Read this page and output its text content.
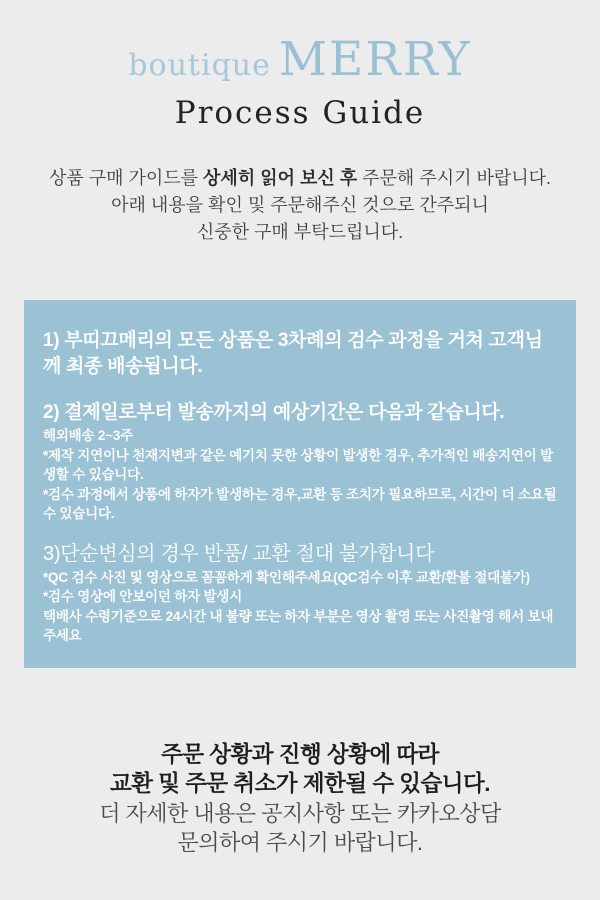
boutique MERRY
Process Guide

상품 구매 가이드를 상세히 읽어 보신 후 주문해 주시기 바랍니다.
아래 내용을 확인 및 주문해주신 것으로 간주되니
신중한 구매 부탁드립니다.

1) 부띠끄메리의 모든 상품은 3차례의 검수 과정을 거쳐 고객님께 최종 배송됩니다.

2) 결제일로부터 발송까지의 예상기간은 다음과 같습니다.

해외배송 2~3주

*제작 지연이나 천재지변과 같은 예기치 못한 상황이 발생한 경우, 추가적인 배송지연이 발생할 수 있습니다.

*검수 과정에서 상품에 하자가 발생하는 경우,교환 등 조치가 필요하므로, 시간이 더 소요될 수 있습니다.

3)단순변심의 경우 반품/ 교환 절대 불가합니다

*QC 검수 사진 및 영상으로 꼼꼼하게 확인해주세요(QC검수 이후 교환/환불 절대불가)

*검수 영상에 안보이던 하자 발생시

택배사 수령기준으로 24시간 내 불량 또는 하자 부분은 영상 촬영 또는 사진촬영 해서 보내주세요

주문 상황과 진행 상황에 따라
교환 및 주문 취소가 제한될 수 있습니다.

더 자세한 내용은 공지사항 또는 카카오상담
문의하여 주시기 바랍니다.
